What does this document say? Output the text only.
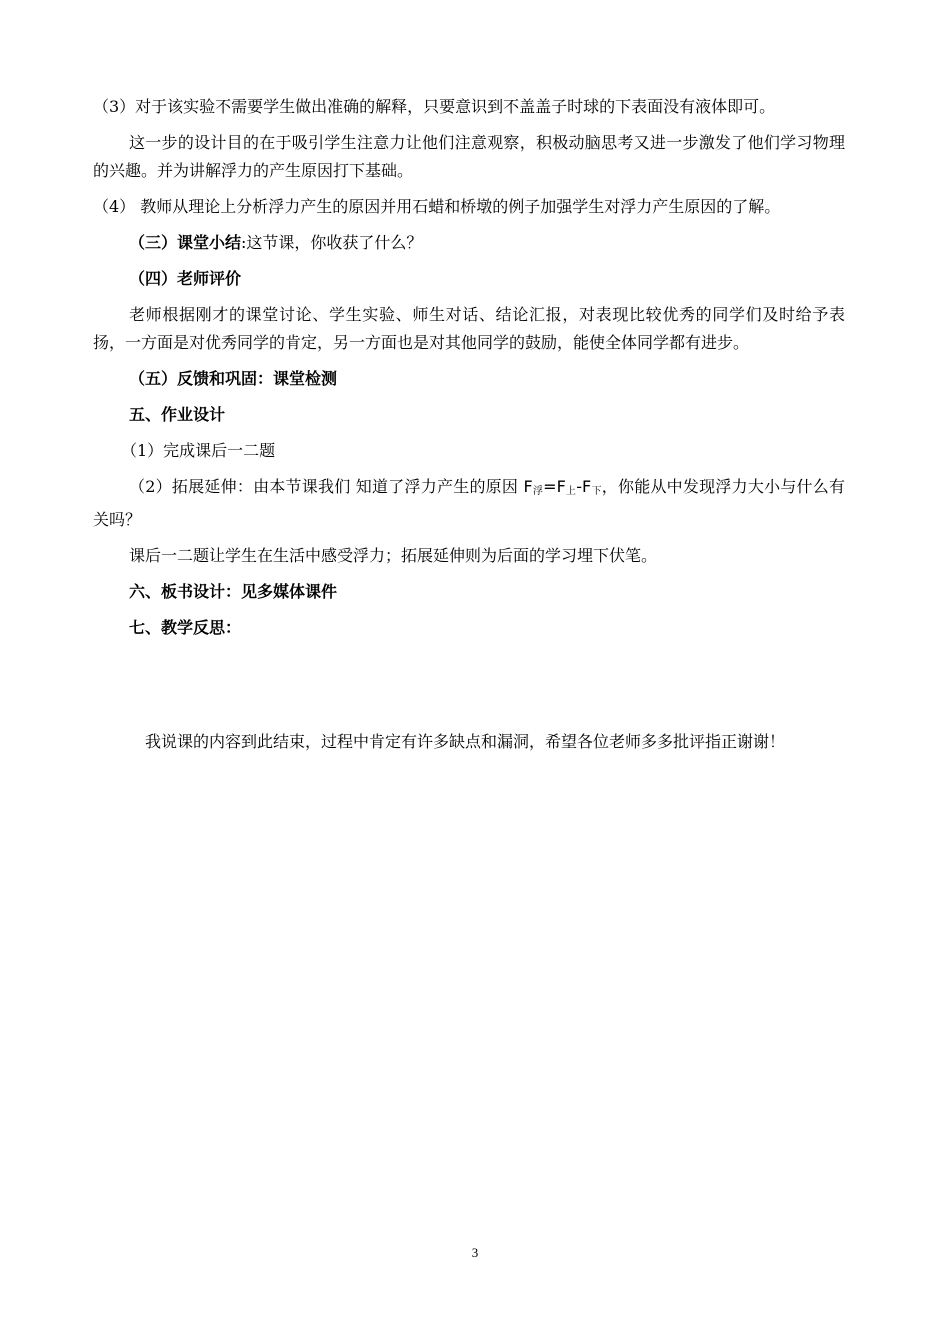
（3）对于该实验不需要学生做出准确的解释，只要意识到不盖盖子时球的下表面没有液体即可。

这一步的设计目的在于吸引学生注意力让他们注意观察，积极动脑思考又进一步激发了他们学习物理的兴趣。并为讲解浮力的产生原因打下基础。

（4） 教师从理论上分析浮力产生的原因并用石蜡和桥墩的例子加强学生对浮力产生原因的了解。

（三）课堂小结:这节课，你收获了什么？

（四）老师评价

老师根据刚才的课堂讨论、学生实验、师生对话、结论汇报，对表现比较优秀的同学们及时给予表扬，一方面是对优秀同学的肯定，另一方面也是对其他同学的鼓励，能使全体同学都有进步。

（五）反馈和巩固：课堂检测

五、作业设计

（1）完成课后一二题

（2）拓展延伸：由本节课我们 知道了浮力产生的原因 $F_浮=F_上-F_下$，你能从中发现浮力大小与什么有关吗？

课后一二题让学生在生活中感受浮力；拓展延伸则为后面的学习埋下伏笔。

六、板书设计：见多媒体课件

七、教学反思：

我说课的内容到此结束，过程中肯定有许多缺点和漏洞，希望各位老师多多批评指正谢谢！

3
